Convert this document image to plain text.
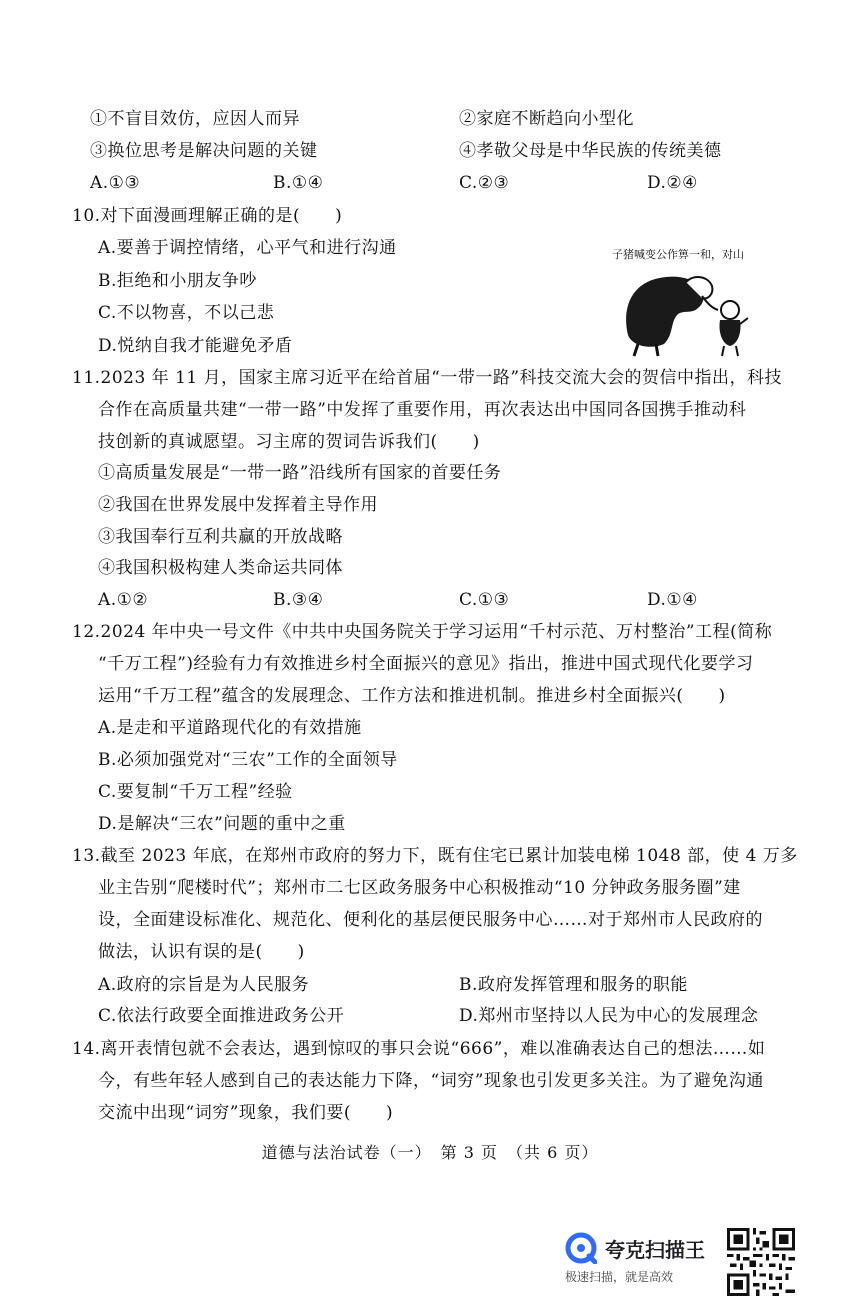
①不盲目效仿，应因人而异	②家庭不断趋向小型化
③换位思考是解决问题的关键	④孝敬父母是中华民族的传统美德
A.①③	B.①④	C.②③	D.②④
10.对下面漫画理解正确的是(　　)
A.要善于调控情绪，心平气和进行沟通
B.拒绝和小朋友争吵
C.不以物喜，不以己悲
D.悦纳自我才能避免矛盾
子猪喊变公作箅一和，对山
11.2023 年 11 月，国家主席习近平在给首届“一带一路”科技交流大会的贺信中指出，科技
合作在高质量共建“一带一路”中发挥了重要作用，再次表达出中国同各国携手推动科
技创新的真诚愿望。习主席的贺词告诉我们(　　)
①高质量发展是“一带一路”沿线所有国家的首要任务
②我国在世界发展中发挥着主导作用
③我国奉行互利共赢的开放战略
④我国积极构建人类命运共同体
A.①②	B.③④	C.①③	D.①④
12.2024 年中央一号文件《中共中央国务院关于学习运用“千村示范、万村整治”工程(简称
“千万工程”)经验有力有效推进乡村全面振兴的意见》指出，推进中国式现代化要学习
运用“千万工程”蕴含的发展理念、工作方法和推进机制。推进乡村全面振兴(　　)
A.是走和平道路现代化的有效措施
B.必须加强党对“三农”工作的全面领导
C.要复制“千万工程”经验
D.是解决“三农”问题的重中之重
13.截至 2023 年底，在郑州市政府的努力下，既有住宅已累计加装电梯 1048 部，使 4 万多
业主告别“爬楼时代”；郑州市二七区政务服务中心积极推动“10 分钟政务服务圈”建
设，全面建设标准化、规范化、便利化的基层便民服务中心……对于郑州市人民政府的
做法，认识有误的是(　　)
A.政府的宗旨是为人民服务	B.政府发挥管理和服务的职能
C.依法行政要全面推进政务公开	D.郑州市坚持以人民为中心的发展理念
14.离开表情包就不会表达，遇到惊叹的事只会说“666”，难以准确表达自己的想法……如
今，有些年轻人感到自己的表达能力下降，“词穷”现象也引发更多关注。为了避免沟通
交流中出现“词穷”现象，我们要(　　)
道德与法治试卷（一）　第 3 页　（共 6 页）
夸克扫描王
极速扫描，就是高效
